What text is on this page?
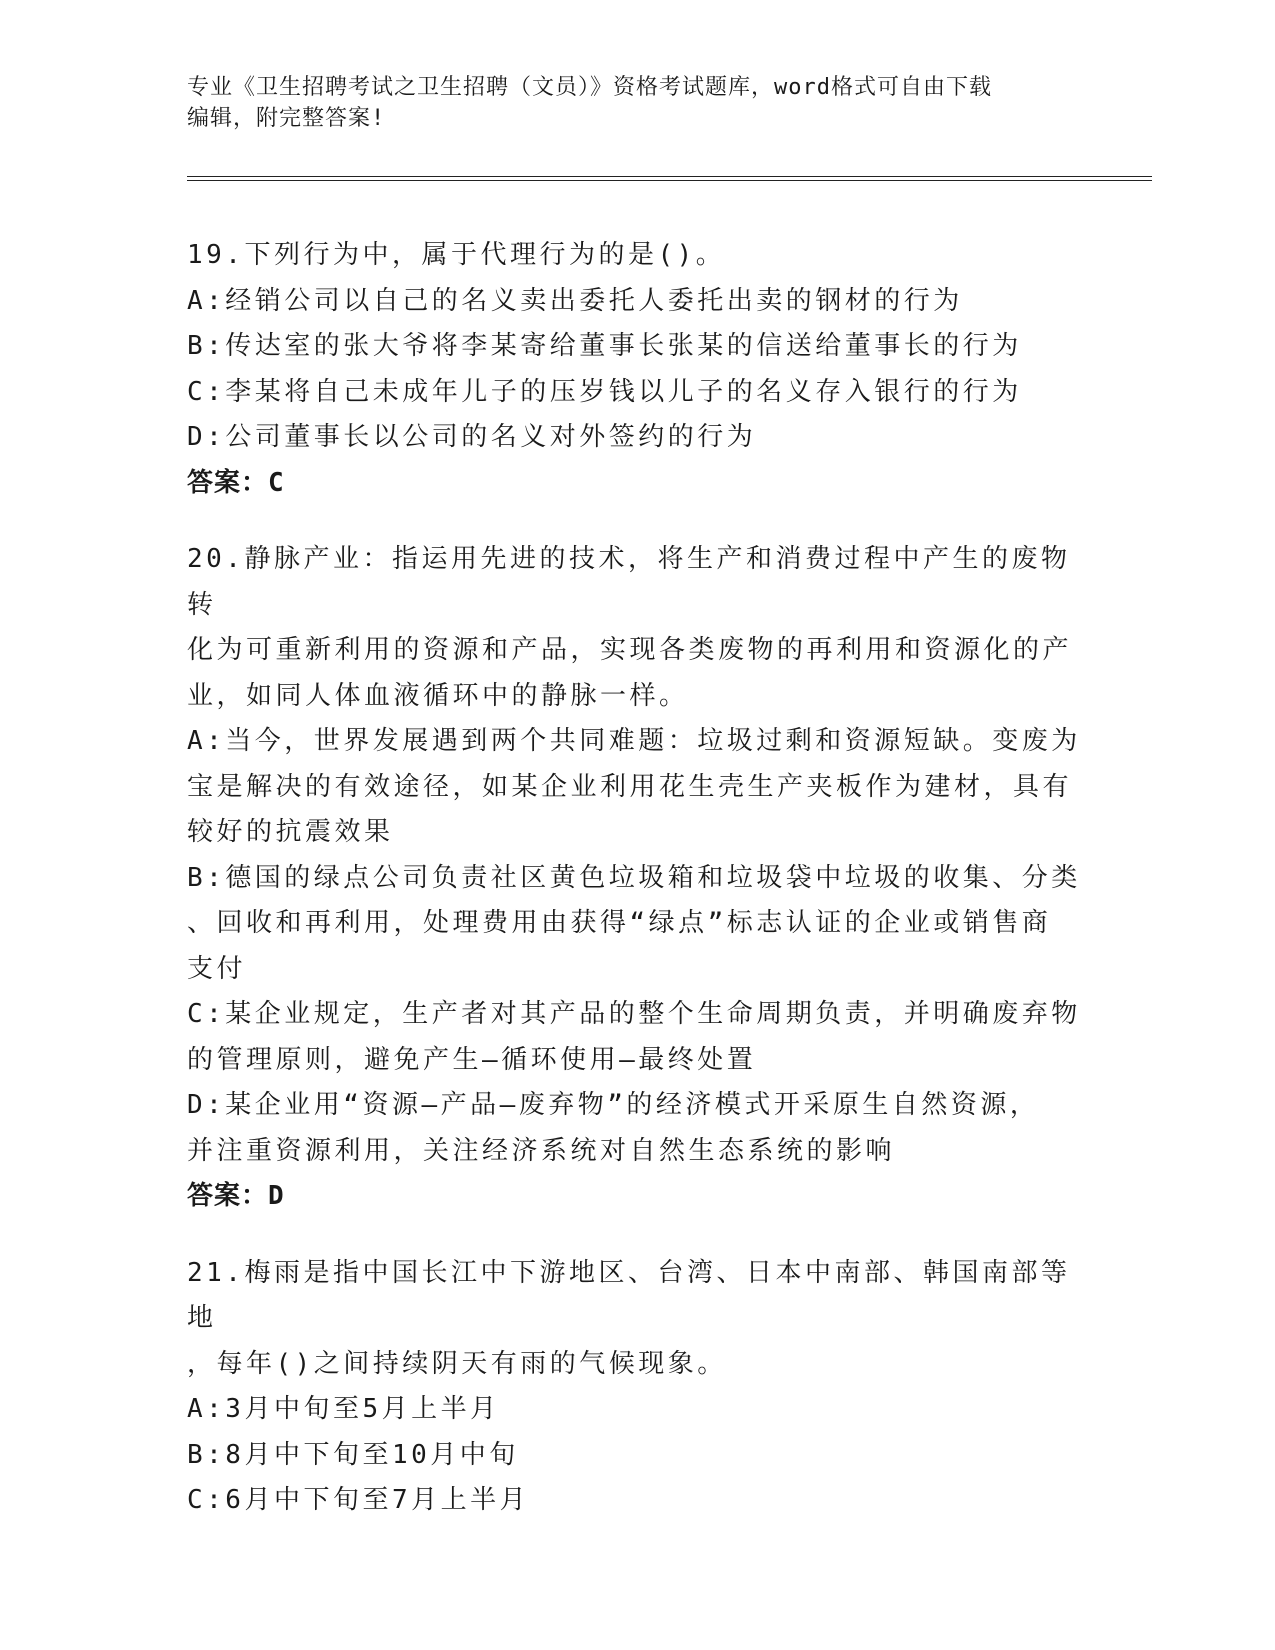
专业《卫生招聘考试之卫生招聘（文员）》资格考试题库，word格式可自由下载
编辑，附完整答案!
19.下列行为中，属于代理行为的是()。
A:经销公司以自己的名义卖出委托人委托出卖的钢材的行为
B:传达室的张大爷将李某寄给董事长张某的信送给董事长的行为
C:李某将自己未成年儿子的压岁钱以儿子的名义存入银行的行为
D:公司董事长以公司的名义对外签约的行为
答案：C
20.静脉产业：指运用先进的技术，将生产和消费过程中产生的废物转
化为可重新利用的资源和产品，实现各类废物的再利用和资源化的产
业，如同人体血液循环中的静脉一样。
A:当今，世界发展遇到两个共同难题：垃圾过剩和资源短缺。变废为
宝是解决的有效途径，如某企业利用花生壳生产夹板作为建材，具有
较好的抗震效果
B:德国的绿点公司负责社区黄色垃圾箱和垃圾袋中垃圾的收集、分类
、回收和再利用，处理费用由获得“绿点”标志认证的企业或销售商
支付
C:某企业规定，生产者对其产品的整个生命周期负责，并明确废弃物
的管理原则，避免产生—循环使用—最终处置
D:某企业用“资源—产品—废弃物”的经济模式开采原生自然资源，
并注重资源利用，关注经济系统对自然生态系统的影响
答案：D
21.梅雨是指中国长江中下游地区、台湾、日本中南部、韩国南部等地
，每年()之间持续阴天有雨的气候现象。
A:3月中旬至5月上半月
B:8月中下旬至10月中旬
C:6月中下旬至7月上半月
